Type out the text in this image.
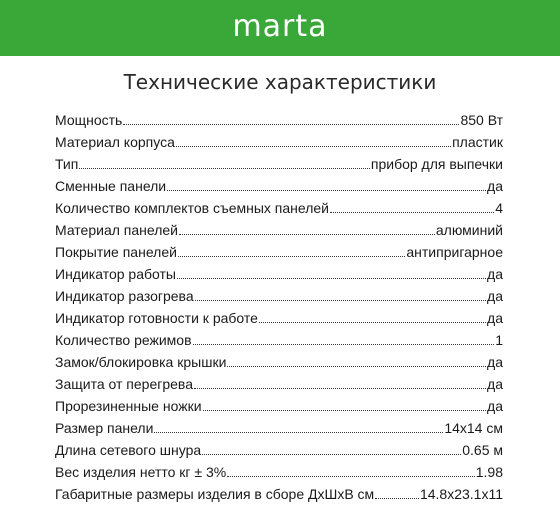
marta
Технические характеристики
Мощность	850 Вт
Материал корпуса	пластик
Тип	прибор для выпечки
Сменные панели	да
Количество комплектов съемных панелей	4
Материал панелей	алюминий
Покрытие панелей	антипригарное
Индикатор работы	да
Индикатор разогрева	да
Индикатор готовности к работе	да
Количество режимов	1
Замок/блокировка крышки	да
Защита от перегрева	да
Прорезиненные ножки	да
Размер панели	14х14 см
Длина сетевого шнура	0.65 м
Вес изделия нетто кг ± 3%	1.98
Габаритные размеры изделия в сборе ДхШхВ см	14.8х23.1х11
